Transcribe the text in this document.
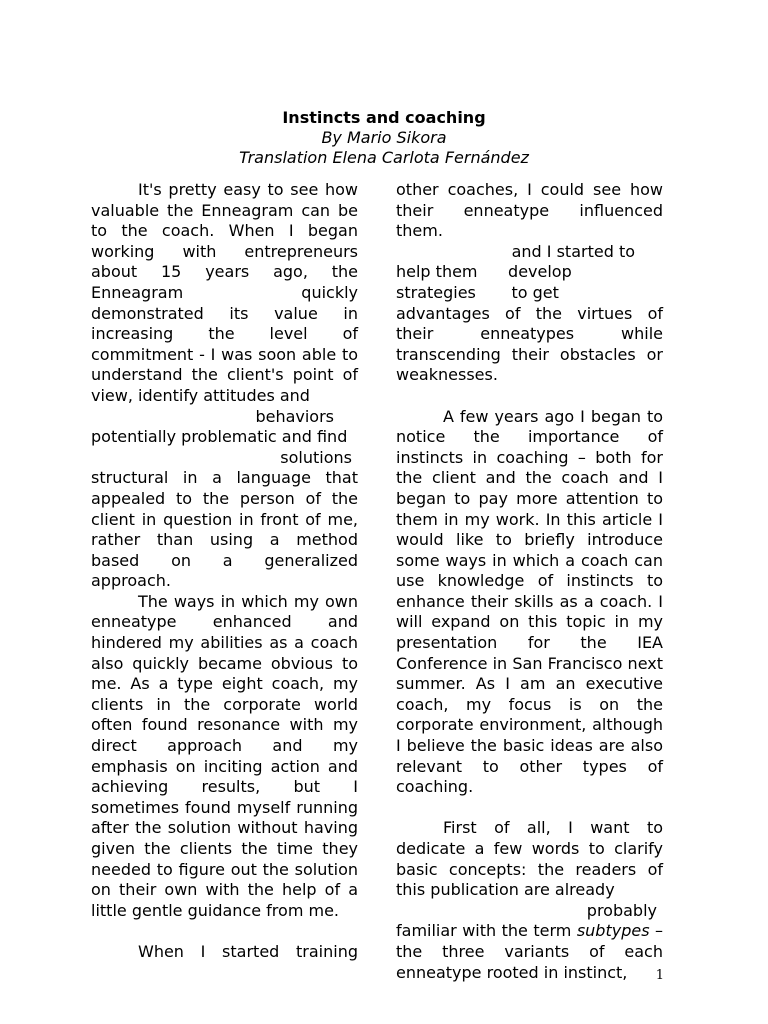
Instincts and coaching
By Mario Sikora
Translation Elena Carlota Fernández

It's pretty easy to see how valuable the Enneagram can be to the coach. When I began working with entrepreneurs about 15 years ago, the Enneagram quickly demonstrated its value in increasing the level of commitment - I was soon able to understand the client's point of view, identify attitudes and
behaviors
potentially problematic and find
solutions
structural in a language that appealed to the person of the client in question in front of me, rather than using a method based on a generalized approach.

The ways in which my own enneatype enhanced and hindered my abilities as a coach also quickly became obvious to me. As a type eight coach, my clients in the corporate world often found resonance with my direct approach and my emphasis on inciting action and achieving results, but I sometimes found myself running after the solution without having given the clients the time they needed to figure out the solution on their own with the help of a little gentle guidance from me.

When I started training

other coaches, I could see how their enneatype influenced them.
and I started to
help them      develop
strategies       to get
advantages of the virtues of their enneatypes while transcending their obstacles or weaknesses.

A few years ago I began to notice the importance of instincts in coaching – both for the client and the coach and I began to pay more attention to them in my work. In this article I would like to briefly introduce some ways in which a coach can use knowledge of instincts to enhance their skills as a coach. I will expand on this topic in my presentation for the IEA Conference in San Francisco next summer. As I am an executive coach, my focus is on the corporate environment, although I believe the basic ideas are also relevant to other types of coaching.

First of all, I want to dedicate a few words to clarify basic concepts: the readers of this publication are already
probably
familiar with the term subtypes – the three variants of each enneatype rooted in instinct,	1
